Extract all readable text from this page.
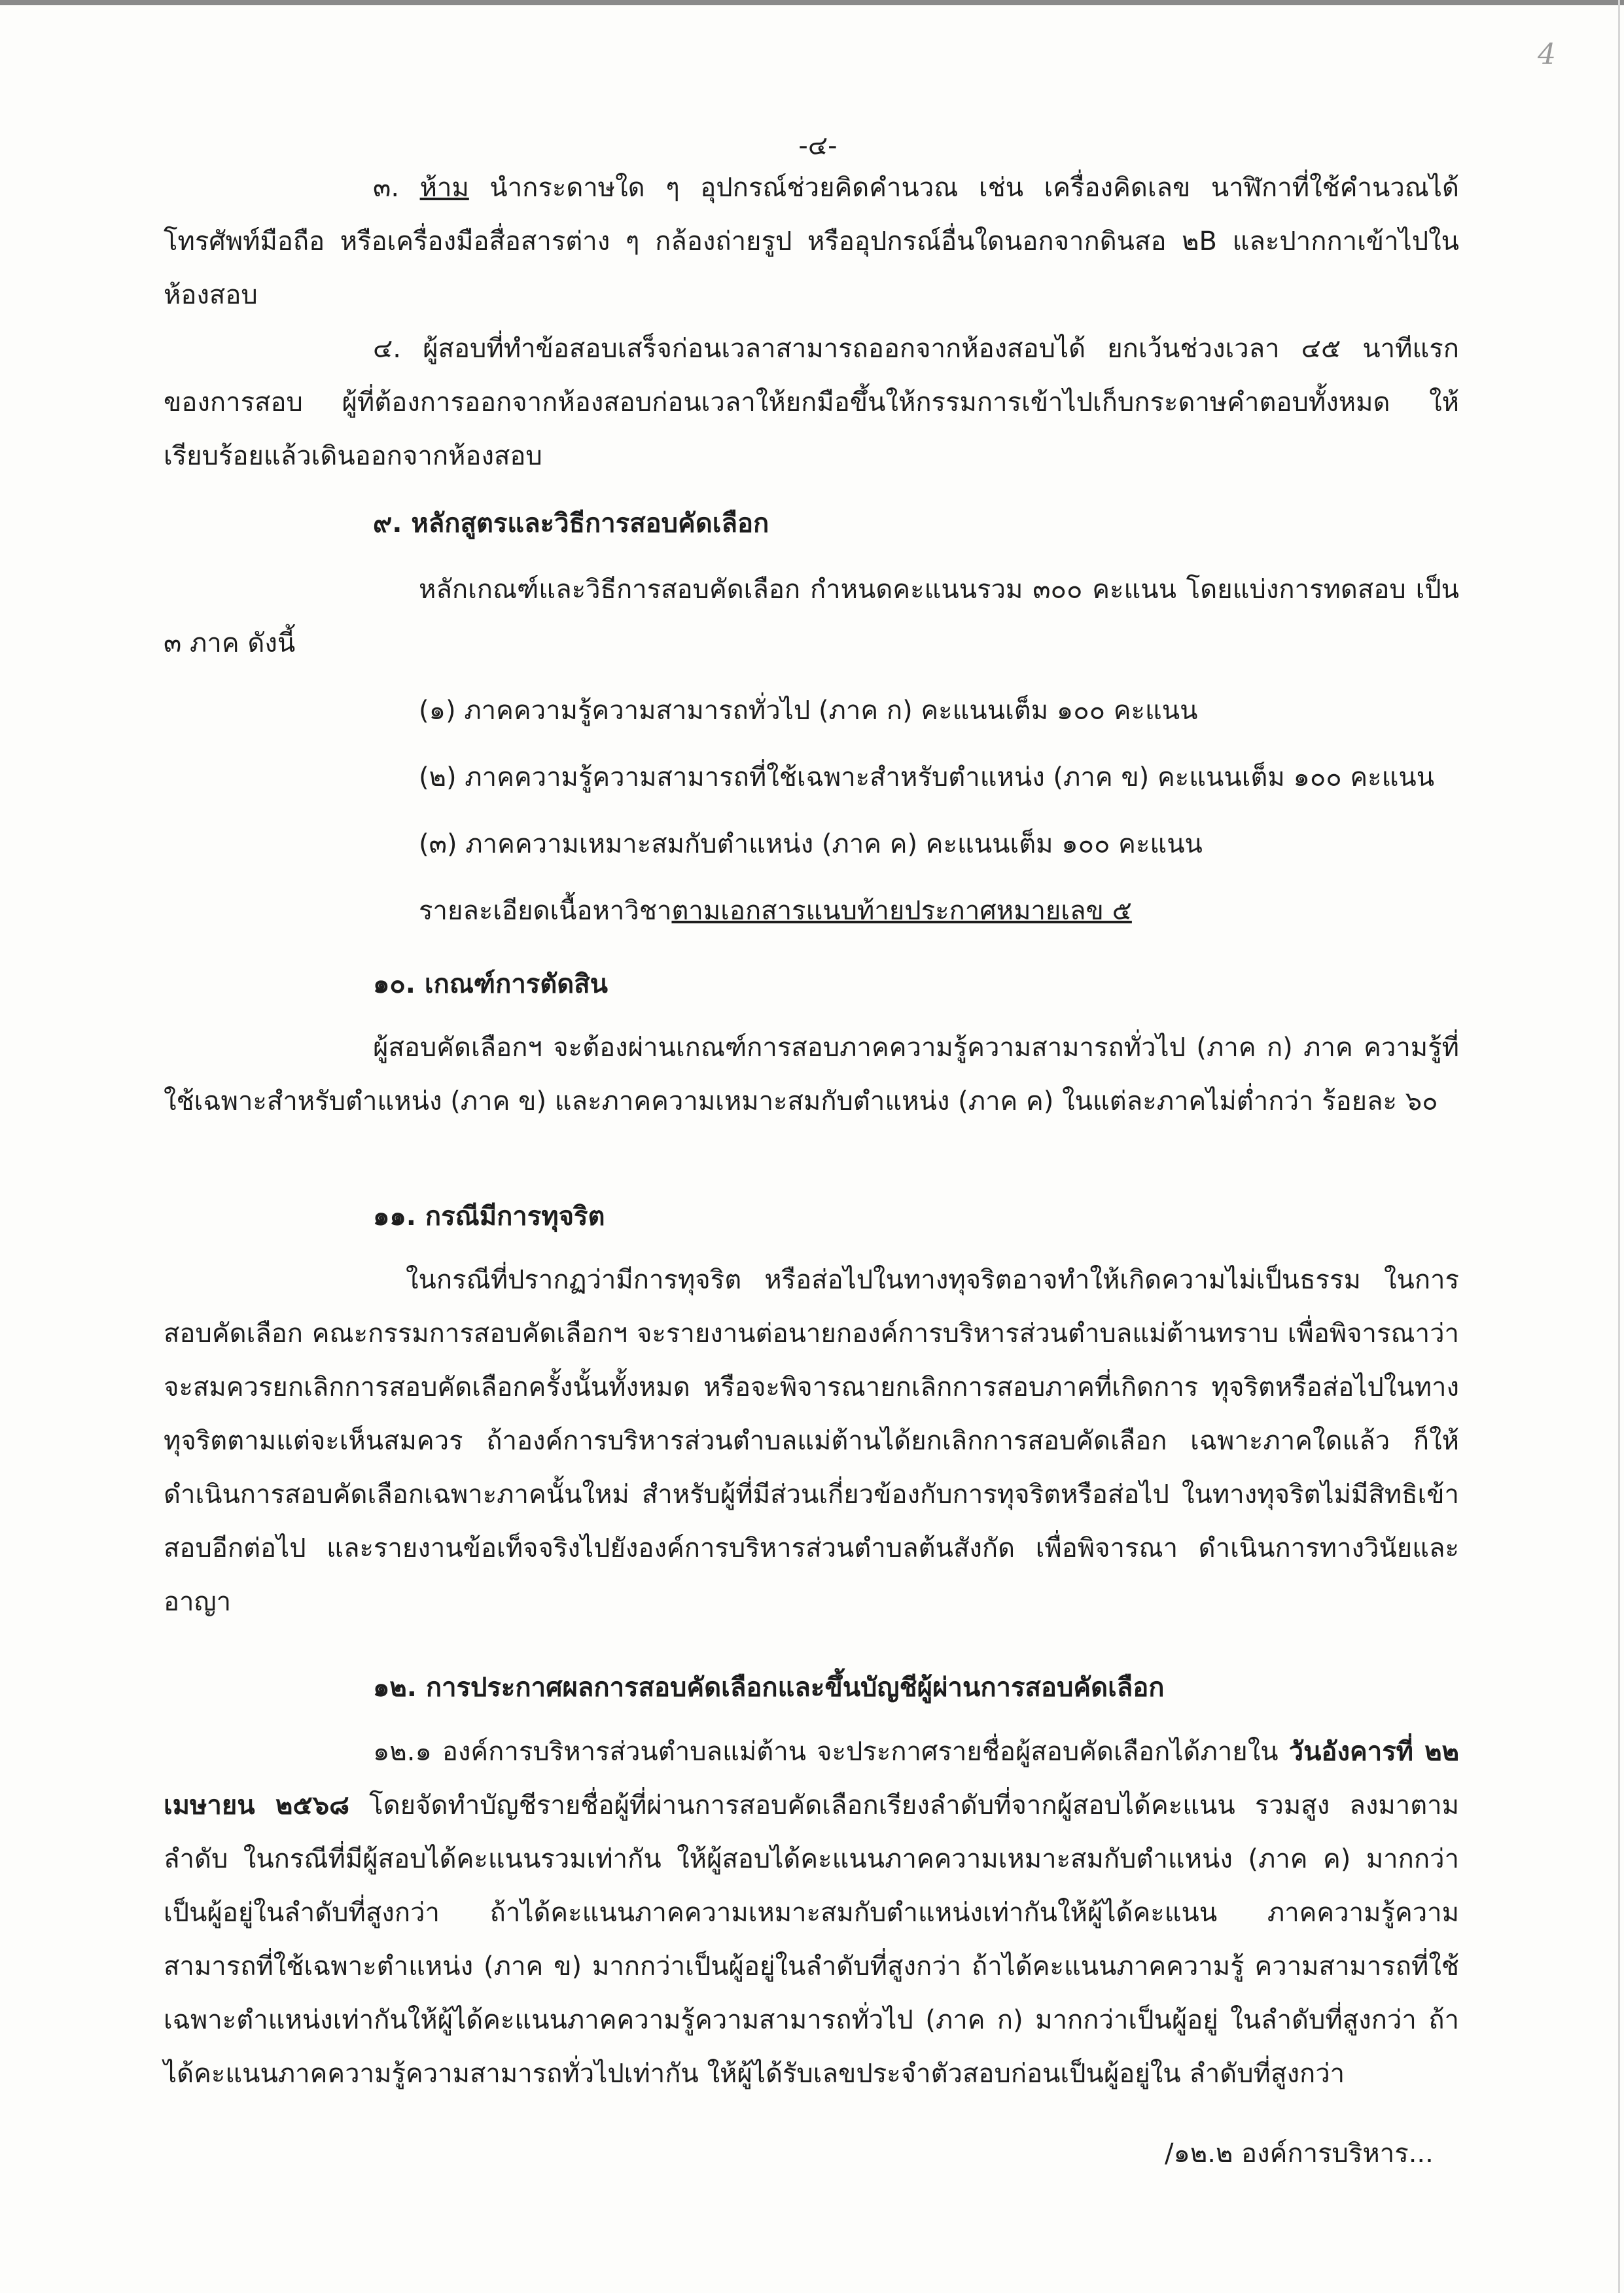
4
-๔-

๓. ห้าม นำกระดาษใด ๆ อุปกรณ์ช่วยคิดคำนวณ เช่น เครื่องคิดเลข นาฬิกาที่ใช้คำนวณได้ โทรศัพท์มือถือ หรือเครื่องมือสื่อสารต่าง ๆ กล้องถ่ายรูป หรืออุปกรณ์อื่นใดนอกจากดินสอ ๒B และปากกาเข้าไปในห้องสอบ

๔. ผู้สอบที่ทำข้อสอบเสร็จก่อนเวลาสามารถออกจากห้องสอบได้ ยกเว้นช่วงเวลา ๔๕ นาทีแรก ของการสอบ ผู้ที่ต้องการออกจากห้องสอบก่อนเวลาให้ยกมือขึ้นให้กรรมการเข้าไปเก็บกระดาษคำตอบทั้งหมด ให้เรียบร้อยแล้วเดินออกจากห้องสอบ

๙. หลักสูตรและวิธีการสอบคัดเลือก

หลักเกณฑ์และวิธีการสอบคัดเลือก กำหนดคะแนนรวม ๓๐๐ คะแนน โดยแบ่งการทดสอบ เป็น ๓ ภาค ดังนี้

(๑) ภาคความรู้ความสามารถทั่วไป (ภาค ก) คะแนนเต็ม ๑๐๐ คะแนน
(๒) ภาคความรู้ความสามารถที่ใช้เฉพาะสำหรับตำแหน่ง (ภาค ข) คะแนนเต็ม ๑๐๐ คะแนน
(๓) ภาคความเหมาะสมกับตำแหน่ง (ภาค ค) คะแนนเต็ม ๑๐๐ คะแนน
รายละเอียดเนื้อหาวิชาตามเอกสารแนบท้ายประกาศหมายเลข ๕
๑๐. เกณฑ์การตัดสิน

ผู้สอบคัดเลือกฯ จะต้องผ่านเกณฑ์การสอบภาคความรู้ความสามารถทั่วไป (ภาค ก) ภาค ความรู้ที่ใช้เฉพาะสำหรับตำแหน่ง (ภาค ข) และภาคความเหมาะสมกับตำแหน่ง (ภาค ค) ในแต่ละภาคไม่ต่ำกว่า ร้อยละ ๖๐

๑๑. กรณีมีการทุจริต

ในกรณีที่ปรากฏว่ามีการทุจริต หรือส่อไปในทางทุจริตอาจทำให้เกิดความไม่เป็นธรรม ในการสอบคัดเลือก คณะกรรมการสอบคัดเลือกฯ จะรายงานต่อนายกองค์การบริหารส่วนตำบลแม่ต้านทราบ เพื่อพิจารณาว่าจะสมควรยกเลิกการสอบคัดเลือกครั้งนั้นทั้งหมด หรือจะพิจารณายกเลิกการสอบภาคที่เกิดการ ทุจริตหรือส่อไปในทางทุจริตตามแต่จะเห็นสมควร ถ้าองค์การบริหารส่วนตำบลแม่ต้านได้ยกเลิกการสอบคัดเลือก เฉพาะภาคใดแล้ว ก็ให้ดำเนินการสอบคัดเลือกเฉพาะภาคนั้นใหม่ สำหรับผู้ที่มีส่วนเกี่ยวข้องกับการทุจริตหรือส่อไป ในทางทุจริตไม่มีสิทธิเข้าสอบอีกต่อไป และรายงานข้อเท็จจริงไปยังองค์การบริหารส่วนตำบลต้นสังกัด เพื่อพิจารณา ดำเนินการทางวินัยและอาญา

๑๒. การประกาศผลการสอบคัดเลือกและขึ้นบัญชีผู้ผ่านการสอบคัดเลือก

๑๒.๑ องค์การบริหารส่วนตำบลแม่ต้าน จะประกาศรายชื่อผู้สอบคัดเลือกได้ภายใน วันอังคารที่ ๒๒ เมษายน ๒๕๖๘ โดยจัดทำบัญชีรายชื่อผู้ที่ผ่านการสอบคัดเลือกเรียงลำดับที่จากผู้สอบได้คะแนน รวมสูง ลงมาตามลำดับ ในกรณีที่มีผู้สอบได้คะแนนรวมเท่ากัน ให้ผู้สอบได้คะแนนภาคความเหมาะสมกับตำแหน่ง (ภาค ค) มากกว่าเป็นผู้อยู่ในลำดับที่สูงกว่า ถ้าได้คะแนนภาคความเหมาะสมกับตำแหน่งเท่ากันให้ผู้ได้คะแนน ภาคความรู้ความสามารถที่ใช้เฉพาะตำแหน่ง (ภาค ข) มากกว่าเป็นผู้อยู่ในลำดับที่สูงกว่า ถ้าได้คะแนนภาคความรู้ ความสามารถที่ใช้เฉพาะตำแหน่งเท่ากันให้ผู้ได้คะแนนภาคความรู้ความสามารถทั่วไป (ภาค ก) มากกว่าเป็นผู้อยู่ ในลำดับที่สูงกว่า ถ้าได้คะแนนภาคความรู้ความสามารถทั่วไปเท่ากัน ให้ผู้ได้รับเลขประจำตัวสอบก่อนเป็นผู้อยู่ใน ลำดับที่สูงกว่า

/๑๒.๒ องค์การบริหาร...
